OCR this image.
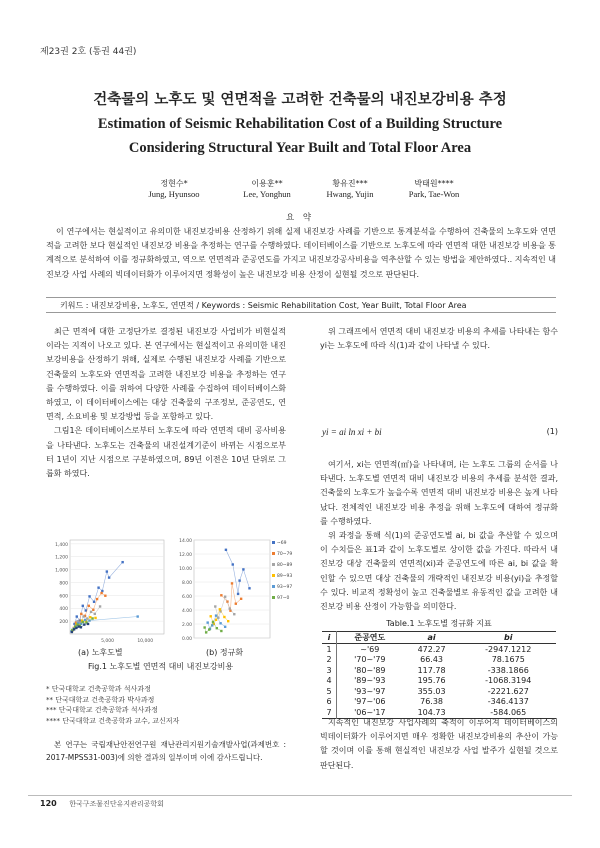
제23권 2호 (통권 44권)
건축물의 노후도 및 연면적을 고려한 건축물의 내진보강비용 추정
Estimation of Seismic Rehabilitation Cost of a Building Structure
Considering Structural Year Built and Total Floor Area
정현수*
Jung, Hyunsoo
이용훈**
Lee, Yonghun
황유진***
Hwang, Yujin
박태원****
Park, Tae-Won
요 약
이 연구에서는 현실적이고 유의미한 내진보강비용 산정하기 위해 실제 내진보강 사례를 기반으로 통계분석을 수행하여 건축물의 노후도와 연면적을 고려한 보다 현실적인 내진보강 비용을 추정하는 연구를 수행하였다. 데이터베이스를 기반으로 노후도에 따라 연면적 대한 내진보강 비용을 통계적으로 분석하여 이를 정규화하였고, 역으로 연면적과 준공연도를 가지고 내진보강공사비용을 역추산할 수 있는 방법을 제안하였다.. 지속적인 내진보강 사업 사례의 빅데이터화가 이루어지면 정확성이 높은 내진보강 비용 산정이 실현될 것으로 판단된다.
키워드 : 내진보강비용, 노후도, 연면적 / Keywords : Seismic Rehabilitation Cost, Year Built, Total Floor Area

최근 면적에 대한 고정단가로 결정된 내진보강 사업비가 비현실적이라는 지적이 나오고 있다. 본 연구에서는 현실적이고 유의미한 내진보강비용을 산정하기 위해, 실제로 수행된 내진보강 사례를 기반으로 건축물의 노후도와 연면적을 고려한 내진보강 비용을 추정하는 연구를 수행하였다. 이를 위하여 다양한 사례를 수집하여 데이터베이스화 하였고, 이 데이터베이스에는 대상 건축물의 구조정보, 준공연도, 연면적, 소요비용 및 보강방법 등을 포함하고 있다.

그림1은 데이터베이스로부터 노후도에 따라 연면적 대비 공사비용을 나타낸다. 노후도는 건축물의 내진설계기준이 바뀌는 시점으로부터 1년이 지난 시점으로 구분하였으며, 89년 이전은 10년 단위로 그룹화 하였다.

200
400
600
800
1,000
1,200
1,400
5,000	10,000	0.00
2.00
4.00
6.00
8.00
10.00
12.00
14.00	~69
70~79
80~89
89~93
93~97
97~0
(a) 노후도별	(b) 정규화
Fig.1 노후도별 연면적 대비 내진보강비용
* 단국대학교 건축공학과 석사과정
** 단국대학교 건축공학과 박사과정
*** 단국대학교 건축공학과 석사과정
**** 단국대학교 건축공학과 교수, 교신저자
본 연구는 국립재난안전연구원 재난관리지원기술개발사업(과제번호 : 2017-MPSS31-003)에 의한 결과의 일부이며 이에 감사드립니다.

위 그래프에서 연면적 대비 내진보강 비용의 추세를 나타내는 함수 yi는 노후도에 따라 식(1)과 같이 나타낼 수 있다.

yi = ai ln xi + bi	(1)

여기서, xi는 연면적(㎡)을 나타내며, i는 노후도 그룹의 순서를 나타낸다. 노후도별 연면적 대비 내진보강 비용의 추세를 분석한 결과, 건축물의 노후도가 높을수록 연면적 대비 내진보강 비용은 높게 나타났다. 전체적인 내진보강 비용 추정을 위해 노후도에 대하여 정규화를 수행하였다.

위 과정을 통해 식(1)의 준공연도별 ai, bi 값을 추산할 수 있으며 이 수치들은 표1과 같이 노후도별로 상이한 값을 가진다. 따라서 내진보강 대상 건축물의 연면적(xi)과 준공연도에 따른 ai, bi 값을 확인할 수 있으면 대상 건축물의 개략적인 내진보강 비용(yi)을 추정할 수 있다. 비교적 정확성이 높고 건축물별로 유동적인 값을 고려한 내진보강 비용 산정이 가능함을 의미한다.

Table.1 노후도별 정규화 지표
i	준공연도	ai	bi
1	~'69	472.27	-2947.1212
2	'70~'79	66.43	78.1675
3	'80~'89	117.78	-338.1866
4	'89~'93	195.76	-1068.3194
5	'93~'97	355.03	-2221.627
6	'97~'06	76.38	-346.4137
7	'06~'17	104.73	-584.065

지속적인 내진보강 사업사례의 축적이 이루어져 데이터베이스의 빅데이터화가 이루어지면 매우 정확한 내진보강비용의 추산이 가능 할 것이며 이를 통해 현실적인 내진보강 사업 발주가 실현될 것으로 판단된다.

120 한국구조물진단유지관리공학회
